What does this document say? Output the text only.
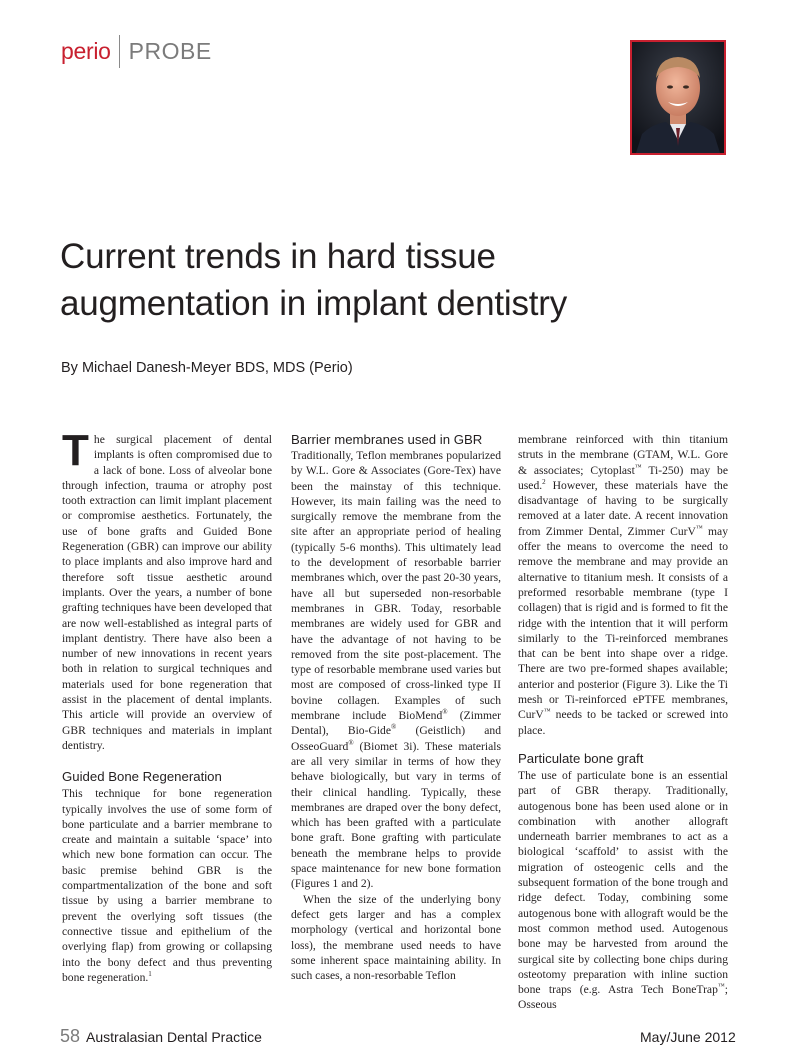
perio PROBE
Current trends in hard tissue
augmentation in implant dentistry

By Michael Danesh-Meyer BDS, MDS (Perio)

The surgical placement of dental implants is often compromised due to a lack of bone. Loss of alveolar bone through infection, trauma or atrophy post tooth extraction can limit implant placement or compromise aesthetics. Fortunately, the use of bone grafts and Guided Bone Regeneration (GBR) can improve our ability to place implants and also improve hard and therefore soft tissue aesthetic around implants. Over the years, a number of bone grafting techniques have been developed that are now well-established as integral parts of implant dentistry. There have also been a number of new innovations in recent years both in relation to surgical techniques and materials used for bone regeneration that assist in the placement of dental implants. This article will provide an overview of GBR techniques and materials in implant dentistry.

Guided Bone Regeneration

This technique for bone regeneration typically involves the use of some form of bone particulate and a barrier membrane to create and maintain a suitable ‘space’ into which new bone formation can occur. The basic premise behind GBR is the compartmentalization of the bone and soft tissue by using a barrier membrane to prevent the overlying soft tissues (the connective tissue and epithelium of the overlying flap) from growing or collapsing into the bony defect and thus preventing bone regeneration.$^1$

Barrier membranes used in GBR

Traditionally, Teflon membranes popularized by W.L. Gore & Associates (Gore-Tex) have been the mainstay of this technique. However, its main failing was the need to surgically remove the membrane from the site after an appropriate period of healing (typically 5-6 months). This ultimately lead to the development of resorbable barrier membranes which, over the past 20-30 years, have all but superseded non-resorbable membranes in GBR. Today, resorbable membranes are widely used for GBR and have the advantage of not having to be removed from the site post-placement. The type of resorbable membrane used varies but most are composed of cross-linked type II bovine collagen. Examples of such membrane include BioMend® (Zimmer Dental), Bio-Gide® (Geistlich) and OsseoGuard® (Biomet 3i). These materials are all very similar in terms of how they behave biologically, but vary in terms of their clinical handling. Typically, these membranes are draped over the bony defect, which has been grafted with a particulate bone graft. Bone grafting with particulate beneath the membrane helps to provide space maintenance for new bone formation (Figures 1 and 2).

When the size of the underlying bony defect gets larger and has a complex morphology (vertical and horizontal bone loss), the membrane used needs to have some inherent space maintaining ability. In such cases, a non-resorbable Teflon

membrane reinforced with thin titanium struts in the membrane (GTAM, W.L. Gore & associates; Cytoplast™ Ti-250) may be used.$^2$ However, these materials have the disadvantage of having to be surgically removed at a later date. A recent innovation from Zimmer Dental, Zimmer CurV™ may offer the means to overcome the need to remove the membrane and may provide an alternative to titanium mesh. It consists of a preformed resorbable membrane (type I collagen) that is rigid and is formed to fit the ridge with the intention that it will perform similarly to the Ti-reinforced membranes that can be bent into shape over a ridge. There are two pre-formed shapes available; anterior and posterior (Figure 3). Like the Ti mesh or Ti-reinforced ePTFE membranes, CurV™ needs to be tacked or screwed into place.

Particulate bone graft

The use of particulate bone is an essential part of GBR therapy. Traditionally, autogenous bone has been used alone or in combination with another allograft underneath barrier membranes to act as a biological ‘scaffold’ to assist with the migration of osteogenic cells and the subsequent formation of the bone trough and ridge defect. Today, combining some autogenous bone with allograft would be the most common method used. Autogenous bone may be harvested from around the surgical site by collecting bone chips during osteotomy preparation with inline suction bone traps (e.g. Astra Tech BoneTrap™; Osseous

58 Australasian Dental Practice	May/June 2012
